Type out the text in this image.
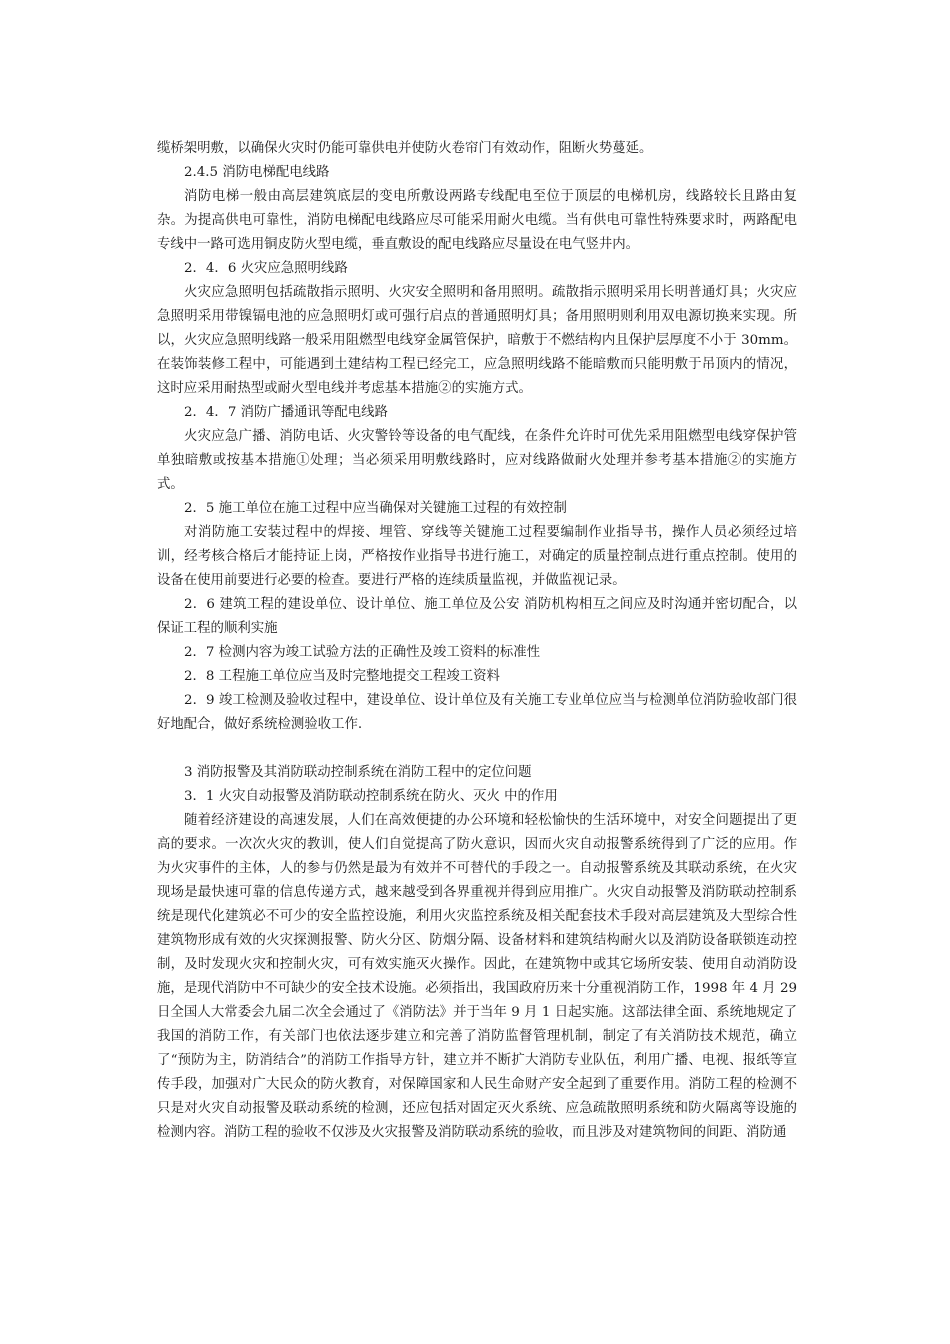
缆桥架明敷，以确保火灾时仍能可靠供电并使防火卷帘门有效动作，阻断火势蔓延。

2.4.5 消防电梯配电线路

消防电梯一般由高层建筑底层的变电所敷设两路专线配电至位于顶层的电梯机房，线路较长且路由复杂。为提高供电可靠性，消防电梯配电线路应尽可能采用耐火电缆。当有供电可靠性特殊要求时，两路配电专线中一路可选用铜皮防火型电缆，垂直敷设的配电线路应尽量设在电气竖井内。

2．4．6 火灾应急照明线路

火灾应急照明包括疏散指示照明、火灾安全照明和备用照明。疏散指示照明采用长明普通灯具；火灾应急照明采用带镍镉电池的应急照明灯或可强行启点的普通照明灯具；备用照明则利用双电源切换来实现。所以，火灾应急照明线路一般采用阻燃型电线穿金属管保护，暗敷于不燃结构内且保护层厚度不小于 30mm。在装饰装修工程中，可能遇到土建结构工程已经完工，应急照明线路不能暗敷而只能明敷于吊顶内的情况，这时应采用耐热型或耐火型电线并考虑基本措施②的实施方式。

2．4．7 消防广播通讯等配电线路

火灾应急广播、消防电话、火灾警铃等设备的电气配线，在条件允许时可优先采用阻燃型电线穿保护管单独暗敷或按基本措施①处理；当必须采用明敷线路时，应对线路做耐火处理并参考基本措施②的实施方式。

2．5 施工单位在施工过程中应当确保对关键施工过程的有效控制

对消防施工安装过程中的焊接、埋管、穿线等关键施工过程要编制作业指导书，操作人员必须经过培训，经考核合格后才能持证上岗，严格按作业指导书进行施工，对确定的质量控制点进行重点控制。使用的设备在使用前要进行必要的检查。要进行严格的连续质量监视，并做监视记录。

2．6 建筑工程的建设单位、设计单位、施工单位及公安 消防机构相互之间应及时沟通并密切配合，以保证工程的顺利实施

2．7 检测内容为竣工试验方法的正确性及竣工资料的标准性

2．8 工程施工单位应当及时完整地提交工程竣工资料

2．9 竣工检测及验收过程中，建设单位、设计单位及有关施工专业单位应当与检测单位消防验收部门很好地配合，做好系统检测验收工作.

3 消防报警及其消防联动控制系统在消防工程中的定位问题

3．1 火灾自动报警及消防联动控制系统在防火、灭火 中的作用

随着经济建设的高速发展，人们在高效便捷的办公环境和轻松愉快的生活环境中，对安全问题提出了更高的要求。一次次火灾的教训，使人们自觉提高了防火意识，因而火灾自动报警系统得到了广泛的应用。作为火灾事件的主体，人的参与仍然是最为有效并不可替代的手段之一。自动报警系统及其联动系统，在火灾现场是最快速可靠的信息传递方式，越来越受到各界重视并得到应用推广。火灾自动报警及消防联动控制系统是现代化建筑必不可少的安全监控设施，利用火灾监控系统及相关配套技术手段对高层建筑及大型综合性建筑物形成有效的火灾探测报警、防火分区、防烟分隔、设备材料和建筑结构耐火以及消防设备联锁连动控制，及时发现火灾和控制火灾，可有效实施灭火操作。因此，在建筑物中或其它场所安装、使用自动消防设施，是现代消防中不可缺少的安全技术设施。必须指出，我国政府历来十分重视消防工作，1998 年 4 月 29 日全国人大常委会九届二次全会通过了《消防法》并于当年 9 月 1 日起实施。这部法律全面、系统地规定了我国的消防工作，有关部门也依法逐步建立和完善了消防监督管理机制，制定了有关消防技术规范，确立了“预防为主，防消结合”的消防工作指导方针，建立并不断扩大消防专业队伍，利用广播、电视、报纸等宣传手段，加强对广大民众的防火教育，对保障国家和人民生命财产安全起到了重要作用。消防工程的检测不只是对火灾自动报警及联动系统的检测，还应包括对固定灭火系统、应急疏散照明系统和防火隔离等设施的检测内容。消防工程的验收不仅涉及火灾报警及消防联动系统的验收，而且涉及对建筑物间的间距、消防通
